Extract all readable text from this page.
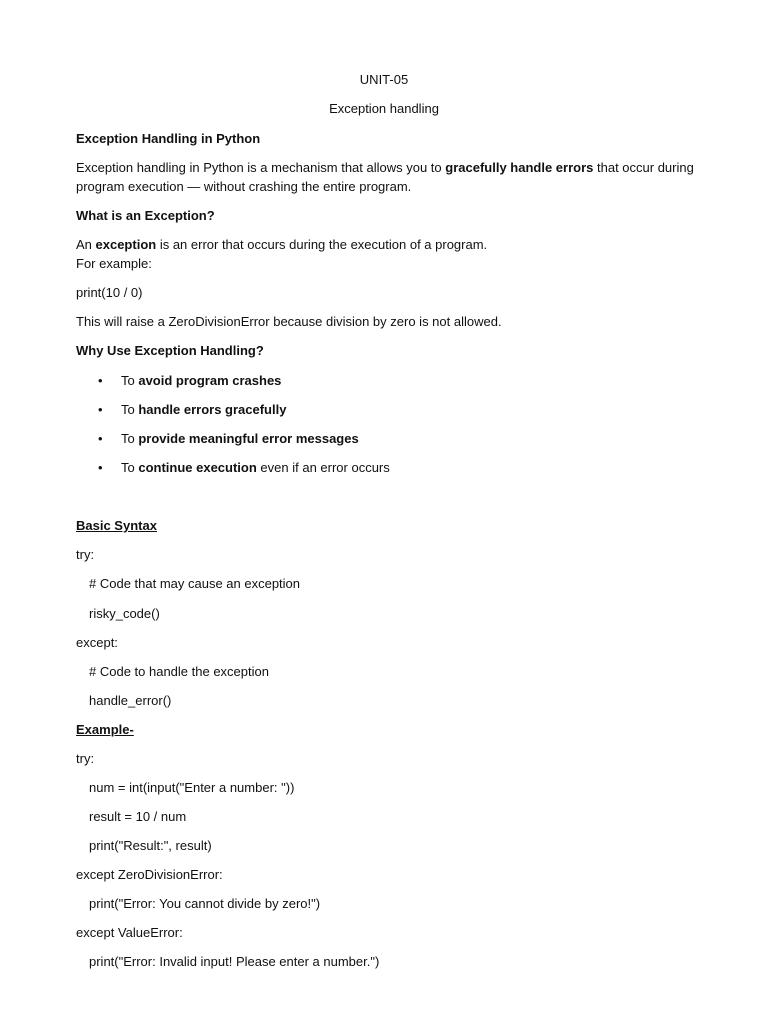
UNIT-05

Exception handling

Exception Handling in Python

Exception handling in Python is a mechanism that allows you to gracefully handle errors that occur during

program execution — without crashing the entire program.

What is an Exception?

An exception is an error that occurs during the execution of a program.

For example:

print(10 / 0)

This will raise a ZeroDivisionError because division by zero is not allowed.

Why Use Exception Handling?

• To avoid program crashes
• To handle errors gracefully
• To provide meaningful error messages
• To continue execution even if an error occurs

Basic Syntax

try:

# Code that may cause an exception

risky_code()

except:

# Code to handle the exception

handle_error()

Example-

try:

num = int(input("Enter a number: "))

result = 10 / num

print("Result:", result)

except ZeroDivisionError:

print("Error: You cannot divide by zero!")

except ValueError:

print("Error: Invalid input! Please enter a number.")
